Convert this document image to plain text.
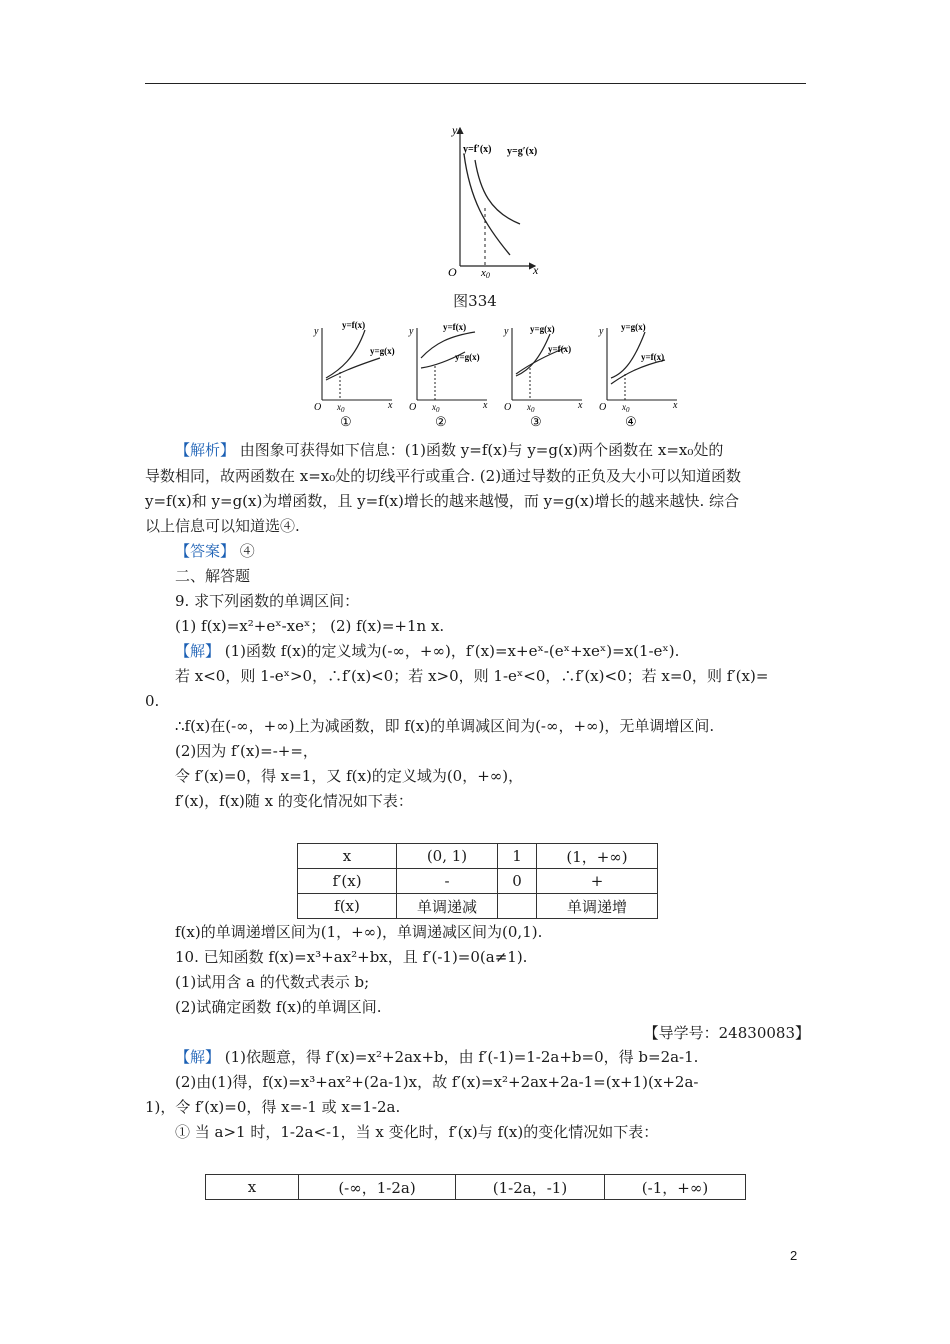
y
x
O x0
y=f′(x) y=g′(x)
图334
y
x
O $x_0$
y=f(x)
y=g(x)
①
y
x
O $x_0$
y=f(x)
y=g(x)
②
y
x
O $x_0$
y=g(x)
y=f(x)
③
y
x
O $x_0$
y=g(x)
y=f(x)
④
【解析】 由图象可获得如下信息：(1)函数 y=f(x)与 y=g(x)两个函数在 x=x₀处的
导数相同，故两函数在 x=x₀处的切线平行或重合. (2)通过导数的正负及大小可以知道函数
y=f(x)和 y=g(x)为增函数，且 y=f(x)增长的越来越慢，而 y=g(x)增长的越来越快. 综合
以上信息可以知道选④.
【答案】 ④
二、解答题
9. 求下列函数的单调区间：
(1) f(x)=x²+eˣ-xeˣ； (2) f(x)=+1n x.
【解】 (1)函数 f(x)的定义域为(-∞，+∞)，f′(x)=x+eˣ-(eˣ+xeˣ)=x(1-eˣ).
若 x<0，则 1-eˣ>0，∴f′(x)<0；若 x>0，则 1-eˣ<0，∴f′(x)<0；若 x=0，则 f′(x)=
0.
∴f(x)在(-∞，+∞)上为减函数，即 f(x)的单调减区间为(-∞，+∞)，无单调增区间.
(2)因为 f′(x)=-+=，
令 f′(x)=0，得 x=1，又 f(x)的定义域为(0，+∞)，
f′(x)，f(x)随 x 的变化情况如下表：
x	(0, 1)	1	(1，+∞)
f′(x)	-	0	+
f(x)	单调递减		单调递增
f(x)的单调递增区间为(1，+∞)，单调递减区间为(0,1).
10. 已知函数 f(x)=x³+ax²+bx，且 f′(-1)=0(a≠1).
(1)试用含 a 的代数式表示 b;
(2)试确定函数 f(x)的单调区间.
【导学号：24830083】
【解】 (1)依题意，得 f′(x)=x²+2ax+b，由 f′(-1)=1-2a+b=0，得 b=2a-1.
(2)由(1)得，f(x)=x³+ax²+(2a-1)x，故 f′(x)=x²+2ax+2a-1=(x+1)(x+2a-
1)，令 f′(x)=0，得 x=-1 或 x=1-2a.
① 当 a>1 时，1-2a<-1，当 x 变化时，f′(x)与 f(x)的变化情况如下表：
x	(-∞，1-2a)	(1-2a，-1)	(-1，+∞)
2
